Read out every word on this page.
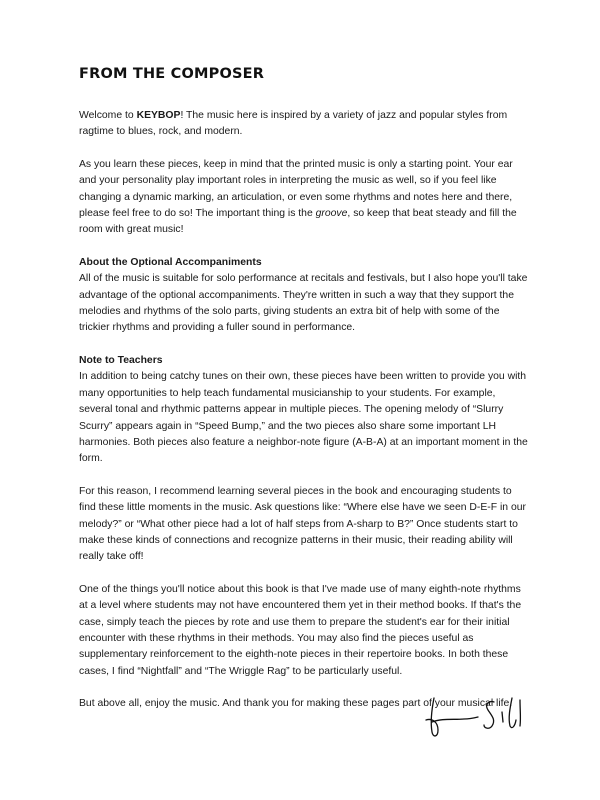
FROM THE COMPOSER

Welcome to KEYBOP! The music here is inspired by a variety of jazz and popular styles from ragtime to blues, rock, and modern.

As you learn these pieces, keep in mind that the printed music is only a starting point. Your ear and your personality play important roles in interpreting the music as well, so if you feel like changing a dynamic marking, an articulation, or even some rhythms and notes here and there, please feel free to do so! The important thing is the groove, so keep that beat steady and fill the room with great music!

About the Optional Accompaniments

All of the music is suitable for solo performance at recitals and festivals, but I also hope you'll take advantage of the optional accompaniments. They're written in such a way that they support the melodies and rhythms of the solo parts, giving students an extra bit of help with some of the trickier rhythms and providing a fuller sound in performance.

Note to Teachers

In addition to being catchy tunes on their own, these pieces have been written to provide you with many opportunities to help teach fundamental musicianship to your students. For example, several tonal and rhythmic patterns appear in multiple pieces. The opening melody of “Slurry Scurry” appears again in “Speed Bump,” and the two pieces also share some important LH harmonies. Both pieces also feature a neighbor-note figure (A-B-A) at an important moment in the form.

For this reason, I recommend learning several pieces in the book and encouraging students to find these little moments in the music. Ask questions like: “Where else have we seen D-E-F in our melody?” or “What other piece had a lot of half steps from A-sharp to B?” Once students start to make these kinds of connections and recognize patterns in their music, their reading ability will really take off!

One of the things you'll notice about this book is that I've made use of many eighth-note rhythms at a level where students may not have encountered them yet in their method books. If that's the case, simply teach the pieces by rote and use them to prepare the student's ear for their initial encounter with these rhythms in their methods. You may also find the pieces useful as supplementary reinforcement to the eighth-note pieces in their repertoire books. In both these cases, I find “Nightfall” and “The Wriggle Rag” to be particularly useful.

But above all, enjoy the music. And thank you for making these pages part of your musical life.
